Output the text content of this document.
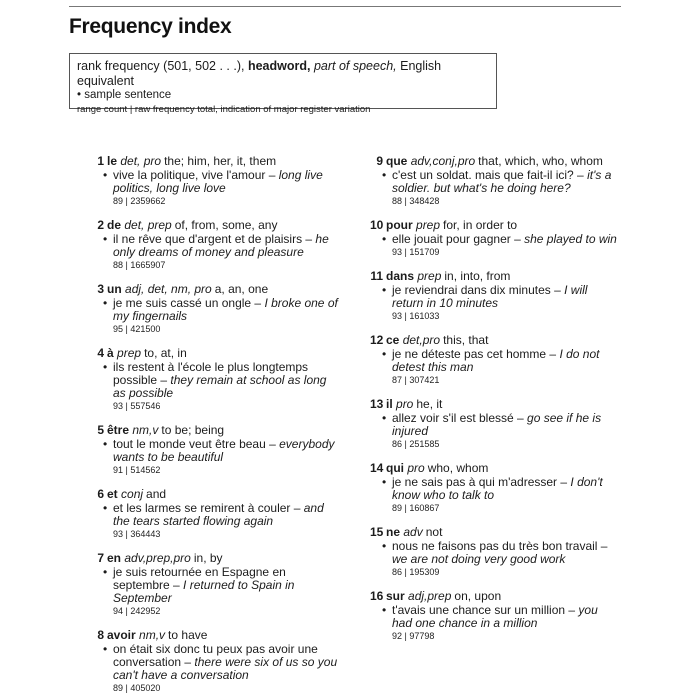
Frequency index
rank frequency (501, 502 . . .), headword, part of speech, English equivalent
• sample sentence
range count | raw frequency total, indication of major register variation
1 le det, pro the; him, her, it, them
• vive la politique, vive l'amour – long live politics, long live love
89 | 2359662
2 de det, prep of, from, some, any
• il ne rêve que d'argent et de plaisirs – he only dreams of money and pleasure
88 | 1665907
3 un adj, det, nm, pro a, an, one
• je me suis cassé un ongle – I broke one of my fingernails
95 | 421500
4 à prep to, at, in
• ils restent à l'école le plus longtemps possible – they remain at school as long as possible
93 | 557546
5 être nm,v to be; being
• tout le monde veut être beau – everybody wants to be beautiful
91 | 514562
6 et conj and
• et les larmes se remirent à couler – and the tears started flowing again
93 | 364443
7 en adv,prep,pro in, by
• je suis retournée en Espagne en septembre – I returned to Spain in September
94 | 242952
8 avoir nm,v to have
• on était six donc tu peux pas avoir une conversation – there were six of us so you can't have a conversation
89 | 405020
9 que adv,conj,pro that, which, who, whom
• c'est un soldat. mais que fait-il ici? – it's a soldier. but what's he doing here?
88 | 348428
10 pour prep for, in order to
• elle jouait pour gagner – she played to win
93 | 151709
11 dans prep in, into, from
• je reviendrai dans dix minutes – I will return in 10 minutes
93 | 161033
12 ce det,pro this, that
• je ne déteste pas cet homme – I do not detest this man
87 | 307421
13 il pro he, it
• allez voir s'il est blessé – go see if he is injured
86 | 251585
14 qui pro who, whom
• je ne sais pas à qui m'adresser – I don't know who to talk to
89 | 160867
15 ne adv not
• nous ne faisons pas du très bon travail – we are not doing very good work
86 | 195309
16 sur adj,prep on, upon
• t'avais une chance sur un million – you had one chance in a million
92 | 97798
